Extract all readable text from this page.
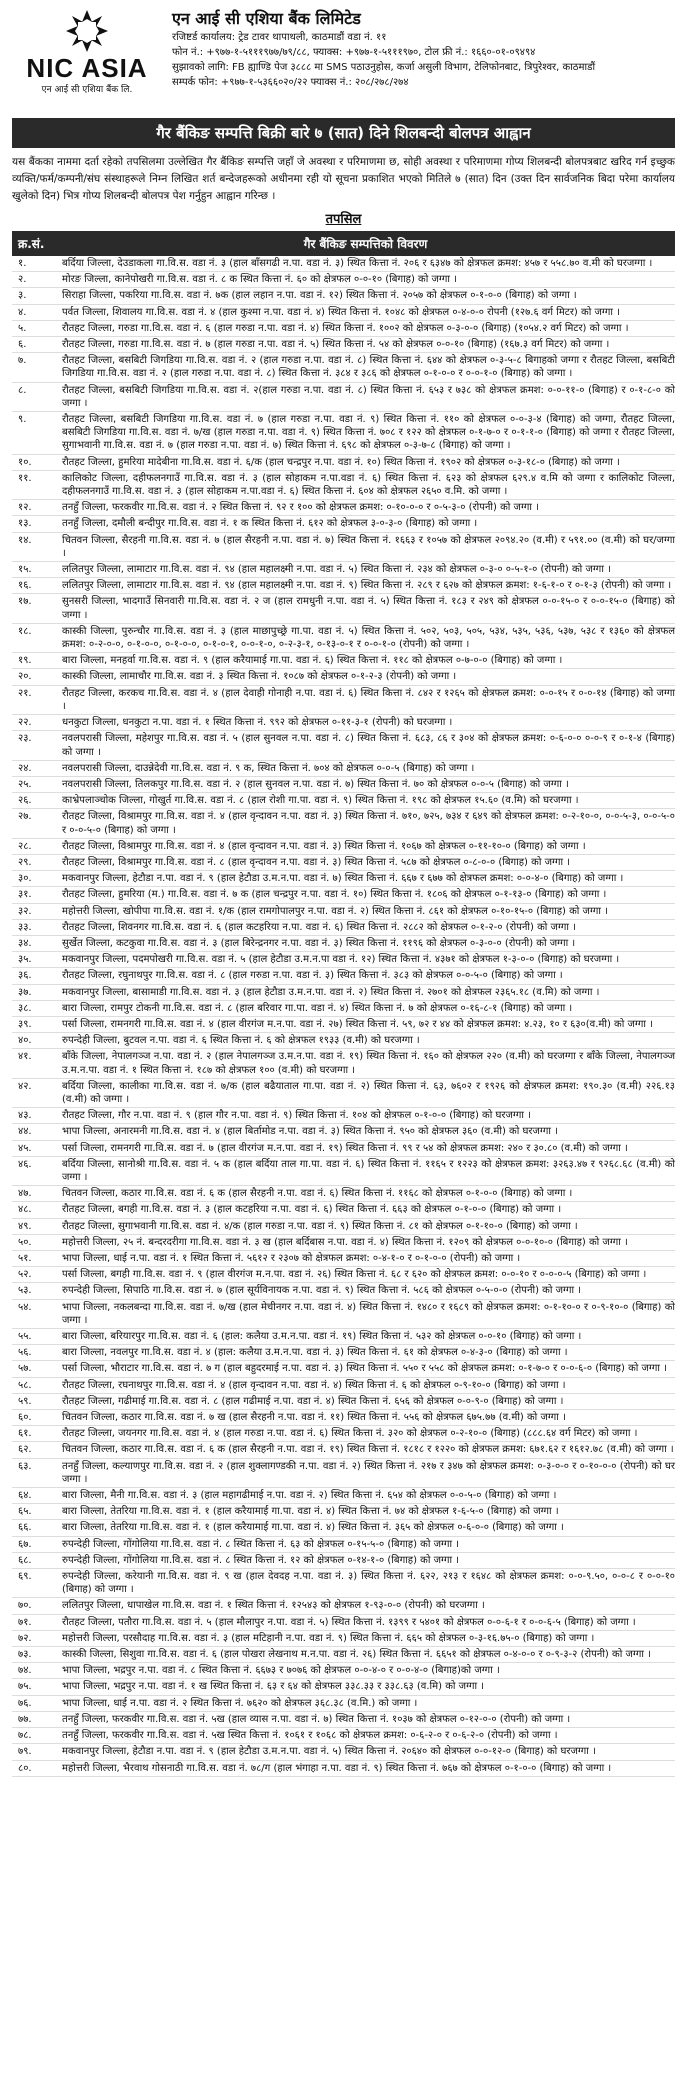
NIC ASIA
एन आई सी एशिया बैंक लि.
एन आई सी एशिया बैंक लिमिटेड
रजिष्टर्ड कार्यालय: ट्रेड टावर थापाथली, काठमाडौं वडा नं. ११
फोन नं.: +९७७-१-५१११९७७/७९/८८, फ्याक्स: +९७७-१-५१११९७०, टोल फ्री नं.: १६६०-०१-०९४९४
सुझावको लागि: FB ह्याण्डि पेज ३८८८ मा SMS पठाउनुहोस, कर्जा असुली विभाग, टेलिफोनबाट, त्रिपुरेश्वर, काठमाडौं
सम्पर्क फोन: +९७७-१-५३६६०२०/२२ फ्याक्स नं.: २०८/२७८/२७४
गैर बैंकिङ सम्पत्ति बिक्री बारे ७ (सात) दिने शिलबन्दी बोलपत्र आह्वान
यस बैंकका नाममा दर्ता रहेको तपसिलमा उल्लेखित गैर बैंकिङ सम्पत्ति जहाँ जे अवस्था र परिमाणमा छ, सोही अवस्था र परिमाणमा गोप्य शिलबन्दी बोलपत्रबाट खरिद गर्न इच्छुक व्यक्ति/फर्म/कम्पनी/संघ संस्थाहरूले निम्न लिखित शर्त बन्देजहरूको अधीनमा रही यो सूचना प्रकाशित भएको मितिले ७ (सात) दिन (उक्त दिन सार्वजनिक बिदा परेमा कार्यालय खुलेको दिन) भित्र गोप्य शिलबन्दी बोलपत्र पेश गर्नुहुन आह्वान गरिन्छ ।
तपसिल
क्र.सं.	गैर बैंकिङ सम्पत्तिको विवरण
१.	बर्दिया जिल्ला, देउडाकला गा.वि.स. वडा नं. ३ (हाल बाँसगढी न.पा. वडा नं. ३) स्थित कित्ता नं. २०६ र ६३४७ को क्षेत्रफल क्रमश: ४५७ र ५५८.७० व.मी को घरजग्गा ।
२.	मोरङ जिल्ला, कानेपोखरी गा.वि.स. वडा नं. ८ क स्थित कित्ता नं. ६० को क्षेत्रफल ०-०-१० (बिगाह) को जग्गा ।
३.	सिराहा जिल्ला, पकरिया गा.वि.स. वडा नं. ७क (हाल लहान न.पा. वडा नं. १२) स्थित कित्ता नं. २०५७ को क्षेत्रफल ०-१-०-० (बिगाह) को जग्गा ।
४.	पर्वत जिल्ला, शिवालय गा.वि.स. वडा नं. ४ (हाल कुश्मा न.पा. वडा नं. ४) स्थित कित्ता नं. १०४८ को क्षेत्रफल ०-४-०-० रोपनी (१२७.६ वर्ग मिटर) को जग्गा ।
५.	रौतहट जिल्ला, गरुडा गा.वि.स. वडा नं. ६ (हाल गरुडा न.पा. वडा नं. ४) स्थित कित्ता नं. १००२ को क्षेत्रफल ०-३-०-० (बिगाह) (१०५४.२ वर्ग मिटर) को जग्गा ।
६.	रौतहट जिल्ला, गरुडा गा.वि.स. वडा नं. ७ (हाल गरुडा न.पा. वडा नं. ५) स्थित कित्ता नं. ५४ को क्षेत्रफल ०-०-१० (बिगाह) (१६७.३ वर्ग मिटर) को जग्गा ।
७.	रौतहट जिल्ला, बसबिटी जिगडिया गा.वि.स. वडा नं. २ (हाल गरुडा न.पा. वडा नं. ८) स्थित कित्ता नं. ६४४ को क्षेत्रफल ०-३-५-८ बिगाहको जग्गा र रौतहट जिल्ला, बसबिटी जिगडिया गा.वि.स. वडा नं. २ (हाल गरुडा न.पा. वडा नं. ८) स्थित कित्ता नं. ३८४ र ३८६ को क्षेत्रफल ०-१-०-० र ०-०-१-० (बिगाह) को जग्गा ।
८.	रौतहट जिल्ला, बसबिटी जिगडिया गा.वि.स. वडा नं. २(हाल गरुडा न.पा. वडा नं. ८) स्थित कित्ता नं. ६५३ र ७३८ को क्षेत्रफल क्रमश: ०-०-११-० (बिगाह) र ०-१-८-० को जग्गा ।
९.	रौतहट जिल्ला, बसबिटी जिगडिया गा.वि.स. वडा नं. ७ (हाल गरुडा न.पा. वडा नं. ९) स्थित कित्ता नं. ११० को क्षेत्रफल ०-०-३-४ (बिगाह) को जग्गा, रौतहट जिल्ला, बसबिटी जिगडिया गा.वि.स. वडा नं. ७/ख (हाल गरुडा न.पा. वडा नं. ९) स्थित कित्ता नं. ७०८ र १२२ को क्षेत्रफल ०-१-७-० र ०-१-१-० (बिगाह) को जग्गा र रौतहट जिल्ला, सुगाभवानी गा.वि.स. वडा नं. ७ (हाल गरुडा न.पा. वडा नं. ७) स्थित कित्ता नं. ६९८ को क्षेत्रफल ०-३-७-८ (बिगाह) को जग्गा ।
१०.	रौतहट जिल्ला, हुमरिया मादेबीना गा.वि.स. वडा नं. ६/क (हाल चन्द्रपुर न.पा. वडा नं. १०) स्थित कित्ता नं. १९०२ को क्षेत्रफल ०-३-१८-० (बिगाह) को जग्गा ।
११.	कालिकोट जिल्ला, दहीफलनगाउँ गा.वि.स. वडा नं. ३ (हाल सोहाकम न.पा.वडा नं. ६) स्थित कित्ता नं. ६२३ को क्षेत्रफल ६२९.४ व.मि को जग्गा र कालिकोट जिल्ला, दहीफलनगाउँ गा.वि.स. वडा नं. ३ (हाल सोहाकम न.पा.वडा नं. ६) स्थित कित्ता नं. ६०४ को क्षेत्रफल २६५० व.मि. को जग्गा ।
१२.	तनहुँ जिल्ला, फरकवीर गा.वि.स. वडा नं. २ स्थित कित्ता नं. ९२ र १०० को क्षेत्रफल क्रमश: ०-१०-०-० र ०-५-३-० (रोपनी) को जग्गा ।
१३.	तनहुँ जिल्ला, दमौली बन्दीपुर गा.वि.स. वडा नं. १ क स्थित कित्ता नं. ६१२ को क्षेत्रफल ३-०-३-० (बिगाह) को जग्गा ।
१४.	चितवन जिल्ला, सैरहनी गा.वि.स. वडा नं. ७ (हाल सैरहनी न.पा. वडा नं. ७) स्थित कित्ता नं. १६६३ र १०५७ को क्षेत्रफल २०९४.२० (व.मी) र ५९१.०० (व.मी) को घर/जग्गा ।
१५.	ललितपुर जिल्ला, लामाटार गा.वि.स. वडा नं. ९४ (हाल महालक्ष्मी न.पा. वडा नं. ५) स्थित कित्ता नं. २३४ को क्षेत्रफल ०-३-० ०-५-१-० (रोपनी) को जग्गा ।
१६.	ललितपुर जिल्ला, लामाटार गा.वि.स. वडा नं. ९४ (हाल महालक्ष्मी न.पा. वडा नं. ९) स्थित कित्ता नं. २८९ र ६२७ को क्षेत्रफल क्रमश: १-६-१-० र ०-१-३ (रोपनी) को जग्गा ।
१७.	सुनसरी जिल्ला, भादगाउँ सिनवारी गा.वि.स. वडा नं. २ ज (हाल रामधुनी न.पा. वडा नं. ५) स्थित कित्ता नं. १८३ र २४९ को क्षेत्रफल ०-०-१५-० र ०-०-१५-० (बिगाह) को जग्गा ।
१८.	कास्की जिल्ला, पुरुन्चौर गा.वि.स. वडा नं. ३ (हाल माछापुच्छ्रे गा.पा. वडा नं. ५) स्थित कित्ता नं. ५०२, ५०३, ५०५, ५३४, ५३५, ५३६, ५३७, ५३८ र १३६० को क्षेत्रफल क्रमश: ०-२-०-०, ०-१-०-०, ०-१-०-०, ०-१-०-१, ०-०-१-०, ०-२-३-१, ०-१३-०-१ र ०-०-१-० (रोपनी) को जग्गा ।
१९.	बारा जिल्ला, मनहर्वा गा.वि.स. वडा नं. ९ (हाल करैयामाई गा.पा. वडा नं. ६) स्थित कित्ता नं. ११८ को क्षेत्रफल ०-७-०-० (बिगाह) को जग्गा ।
२०.	कास्की जिल्ला, लामाचौर गा.वि.स. वडा नं. ३ स्थित कित्ता नं. १०८७ को क्षेत्रफल ०-१-२-३ (रोपनी) को जग्गा ।
२१.	रौतहट जिल्ला, करकच गा.वि.स. वडा नं. ४ (हाल देवाही गोनाही न.पा. वडा नं. ६) स्थित कित्ता नं. ८४२ र १२६५ को क्षेत्रफल क्रमश: ०-०-१५ र ०-०-१४ (बिगाह) को जग्गा ।
२२.	धनकुटा जिल्ला, धनकुटा न.पा. वडा नं. १ स्थित कित्ता नं. ९९२ को क्षेत्रफल ०-११-३-१ (रोपनी) को घरजग्गा ।
२३.	नवलपरासी जिल्ला, महेशपुर गा.वि.स. वडा नं. ५ (हाल सुनवल न.पा. वडा नं. ८) स्थित कित्ता नं. ६८३, ८६ र ३०४ को क्षेत्रफल क्रमश: ०-६-०-० ०-०-९ र ०-१-४ (बिगाह) को जग्गा ।
२४.	नवलपरासी जिल्ला, दाउन्नेदेवी गा.वि.स. वडा नं. ९ क, स्थित कित्ता नं. ७०४ को क्षेत्रफल ०-०-५ (बिगाह) को जग्गा ।
२५.	नवलपरासी जिल्ला, तिलकपुर गा.वि.स. वडा नं. २ (हाल सुनवल न.पा. वडा नं. ७) स्थित कित्ता नं. ७० को क्षेत्रफल ०-०-५ (बिगाह) को जग्गा ।
२६.	काभ्रेपलाञ्चोक जिल्ला, गोखुर्त गा.वि.स. वडा नं. ८ (हाल रोशी गा.पा. वडा नं. ९) स्थित कित्ता नं. १९८ को क्षेत्रफल १५.६० (व.मि) को घरजग्गा ।
२७.	रौतहट जिल्ला, विश्रामपुर गा.वि.स. वडा नं. ४ (हाल वृन्दावन न.पा. वडा नं. ३) स्थित कित्ता नं. ७१०, ७२५, ७३४ र ६४९ को क्षेत्रफल क्रमश: ०-२-१०-०, ०-०-५-३, ०-०-५-० र ०-०-५-० (बिगाह) को जग्गा ।
२८.	रौतहट जिल्ला, विश्रामपुर गा.वि.स. वडा नं. ४ (हाल वृन्दावन न.पा. वडा नं. ३) स्थित कित्ता नं. १०६७ को क्षेत्रफल ०-११-१०-० (बिगाह) को जग्गा ।
२९.	रौतहट जिल्ला, विश्रामपुर गा.वि.स. वडा नं. ८ (हाल वृन्दावन न.पा. वडा नं. ३) स्थित कित्ता नं. ५८७ को क्षेत्रफल ०-८-०-० (बिगाह) को जग्गा ।
३०.	मकवानपुर जिल्ला, हेटौडा न.पा. वडा नं. ९ (हाल हेटौडा उ.म.न.पा. वडा नं. ७) स्थित कित्ता नं. ६६७ र ६७७ को क्षेत्रफल क्रमश: ०-०-४-० (बिगाह) को जग्गा ।
३१.	रौतहट जिल्ला, हुमरिया (म.) गा.वि.स. वडा नं. ७ क (हाल चन्द्रपुर न.पा. वडा नं. १०) स्थित कित्ता नं. १८०६ को क्षेत्रफल ०-१-१३-० (बिगाह) को जग्गा ।
३२.	महोत्तरी जिल्ला, खोपीपा गा.वि.स. वडा नं. १/क (हाल रामगोपालपुर न.पा. वडा नं. २) स्थित कित्ता नं. ८६१ को क्षेत्रफल ०-१०-१५-० (बिगाह) को जग्गा ।
३३.	रौतहट जिल्ला, शिवनगर गा.वि.स. वडा नं. ६ (हाल कटहरिया न.पा. वडा नं. ६) स्थित कित्ता नं. २८८२ को क्षेत्रफल ०-१-२-० (रोपनी) को जग्गा ।
३४.	सुर्खेत जिल्ला, कटकुवा गा.वि.स. वडा नं. ३ (हाल बिरेन्द्रनगर न.पा. वडा नं. ३) स्थित कित्ता नं. ११९६ को क्षेत्रफल ०-३-०-० (रोपनी) को जग्गा ।
३५.	मकवानपुर जिल्ला, पदमपोखरी गा.वि.स. वडा नं. ५ (हाल हेटौडा उ.म.न.पा वडा नं. १२) स्थित कित्ता नं. ४३७१ को क्षेत्रफल १-३-०-० (बिगाह) को घरजग्गा ।
३६.	रौतहट जिल्ला, रघुनाथपुर गा.वि.स. वडा नं. ८ (हाल गरुडा न.पा. वडा नं. ३) स्थित कित्ता नं. ३८३ को क्षेत्रफल ०-०-५-० (बिगाह) को जग्गा ।
३७.	मकवानपुर जिल्ला, बासामाडी गा.वि.स. वडा नं. ३ (हाल हेटौडा उ.म.न.पा. वडा नं. २) स्थित कित्ता नं. २७०१ को क्षेत्रफल २३६५.१८ (व.मि) को जग्गा ।
३८.	बारा जिल्ला, रामपुर टोकनी गा.वि.स. वडा नं. ८ (हाल बरिवार गा.पा. वडा नं. ४) स्थित कित्ता नं. ७ को क्षेत्रफल ०-१६-८-१ (बिगाह) को जग्गा ।
३९.	पर्सा जिल्ला, रामनगरी गा.वि.स. वडा नं. ४ (हाल वीरगंज म.न.पा. वडा नं. २७) स्थित कित्ता नं. ५९, ७२ र ४४ को क्षेत्रफल क्रमश: ४.२३, १० र ६३०(व.मी) को जग्गा ।
४०.	रुपन्देही जिल्ला, बुटवल न.पा. वडा नं. ६ स्थित कित्ता नं. ६ को क्षेत्रफल १९३३ (व.मी) को घरजग्गा ।
४१.	बाँके जिल्ला, नेपालगञ्ज न.पा. वडा नं. २ (हाल नेपालगञ्ज उ.म.न.पा. वडा नं. १९) स्थित कित्ता नं. १६० को क्षेत्रफल २२० (व.मी) को घरजग्गा र बाँके जिल्ला, नेपालगञ्ज उ.म.न.पा. वडा नं. १ स्थित कित्ता नं. १८७ को क्षेत्रफल १०० (व.मी) को घरजग्गा ।
४२.	बर्दिया जिल्ला, कालीका गा.वि.स. वडा नं. ७/क (हाल बढैयाताल गा.पा. वडा नं. २) स्थित कित्ता नं. ६३, ७६०२ र १९२६ को क्षेत्रफल क्रमश: १९०.३० (व.मी) २२६.१३ (व.मी) को जग्गा ।
४३.	रौतहट जिल्ला, गौर न.पा. वडा नं. ९ (हाल गौर न.पा. वडा नं. ९) स्थित कित्ता नं. १०४ को क्षेत्रफल ०-१-०-० (बिगाह) को घरजग्गा ।
४४.	भापा जिल्ला, अनारमनी गा.वि.स. वडा नं. ४ (हाल बिर्तामोड न.पा. वडा नं. ३) स्थित कित्ता नं. ९५० को क्षेत्रफल ३६० (व.मी) को घरजग्गा ।
४५.	पर्सा जिल्ला, रामनगरी गा.वि.स. वडा नं. ७ (हाल वीरगंज म.न.पा. वडा नं. १९) स्थित कित्ता नं. ९९ र ५४ को क्षेत्रफल क्रमश: २४० र ३०.८० (व.मी) को जग्गा ।
४६.	बर्दिया जिल्ला, सानोश्री गा.वि.स. वडा नं. ५ क (हाल बर्दिया ताल गा.पा. वडा नं. ६) स्थित कित्ता नं. ११६५ र १२२३ को क्षेत्रफल क्रमश: ३२६३.४७ र ९२६८.६८ (व.मी) को जग्गा ।
४७.	चितवन जिल्ला, कठार गा.वि.स. वडा नं. ६ क (हाल सैरहनी न.पा. वडा नं. ६) स्थित कित्ता नं. ११६८ को क्षेत्रफल ०-१-०-० (बिगाह) को जग्गा ।
४८.	रौतहट जिल्ला, बगही गा.वि.स. वडा नं. ३ (हाल कटहरिया न.पा. वडा नं. ६) स्थित कित्ता नं. ६६३ को क्षेत्रफल ०-१-०-० (बिगाह) को जग्गा ।
४९.	रौतहट जिल्ला, सुगाभवानी गा.वि.स. वडा नं. ४/क (हाल गरुडा न.पा. वडा नं. ९) स्थित कित्ता नं. ८१ को क्षेत्रफल ०-१-१०-० (बिगाह) को जग्गा ।
५०.	महोत्तरी जिल्ला, २५ नं. बन्दरदरीगा गा.वि.स. वडा नं. ३ ख (हाल बर्दिबास न.पा. वडा नं. ४) स्थित कित्ता नं. १२०९ को क्षेत्रफल ०-०-१०-० (बिगाह) को जग्गा ।
५१.	भापा जिल्ला, धाई न.पा. वडा नं. १ स्थित कित्ता नं. ५६१२ र २३०७ को क्षेत्रफल क्रमश: ०-४-१-० र ०-१-०-० (रोपनी) को जग्गा ।
५२.	पर्सा जिल्ला, बगही गा.वि.स. वडा नं. ९ (हाल वीरगंज म.न.पा. वडा नं. २६) स्थित कित्ता नं. ६८ र ६२० को क्षेत्रफल क्रमश: ०-०-१० र ०-०-०-५ (बिगाह) को जग्गा ।
५३.	रुपन्देही जिल्ला, सिपाठि गा.वि.स. वडा नं. ७ (हाल सूर्यविनायक न.पा. वडा नं. ९) स्थित कित्ता नं. ५८६ को क्षेत्रफल ०-५-०-० (रोपनी) को जग्गा ।
५४.	भापा जिल्ला, नकलबन्दा गा.वि.स. वडा नं. ७/ख (हाल मेचीनगर न.पा. वडा नं. ४) स्थित कित्ता नं. १४८० र १६८९ को क्षेत्रफल क्रमश: ०-१-१०-० र ०-९-१०-० (बिगाह) को जग्गा ।
५५.	बारा जिल्ला, बरियारपुर गा.वि.स. वडा नं. ६ (हाल: कलैया उ.म.न.पा. वडा नं. १९) स्थित कित्ता नं. ५३२ को क्षेत्रफल ०-०-१० (बिगाह) को जग्गा ।
५६.	बारा जिल्ला, नवलपुर गा.वि.स. वडा नं. ४ (हाल: कलैया उ.म.न.पा. वडा नं. ३) स्थित कित्ता नं. ६१ को क्षेत्रफल ०-४-३-० (बिगाह) को जग्गा ।
५७.	पर्सा जिल्ला, भौराटार गा.वि.स. वडा नं. ७ ग (हाल बहुदरमाई न.पा. वडा नं. ३) स्थित कित्ता नं. ५५० र ५५८ को क्षेत्रफल क्रमश: ०-१-७-० र ०-०-६-० (बिगाह) को जग्गा ।
५८.	रौतहट जिल्ला, रघनाथपुर गा.वि.स. वडा नं. ४ (हाल वृन्दावन न.पा. वडा नं. ४) स्थित कित्ता नं. ६ को क्षेत्रफल ०-९-१०-० (बिगाह) को जग्गा ।
५९.	रौतहट जिल्ला, गढीमाई गा.वि.स. वडा नं. ८ (हाल गढीमाई न.पा. वडा नं. ४) स्थित कित्ता नं. ६५६ को क्षेत्रफल ०-०-९-० (बिगाह) को जग्गा ।
६०.	चितवन जिल्ला, कठार गा.वि.स. वडा नं. ७ ख (हाल सैरहनी न.पा. वडा नं. ११) स्थित कित्ता नं. ५५६ को क्षेत्रफल ६७५.७७ (व.मी) को जग्गा ।
६१.	रौतहट जिल्ला, जयनगर गा.वि.स. वडा नं. ४ (हाल गरुडा न.पा. वडा नं. ६) स्थित कित्ता नं. ३२० को क्षेत्रफल ०-२-१०-० (बिगाह) (८८८.६४ वर्ग मिटर) को जग्गा ।
६२.	चितवन जिल्ला, कठार गा.वि.स. वडा नं. ६ क (हाल सैरहनी न.पा. वडा नं. १९) स्थित कित्ता नं. १८१८ र १२२० को क्षेत्रफल क्रमश: ६७१.६२ र १६१२.७८ (व.मी) को जग्गा ।
६३.	तनहुँ जिल्ला, कल्याणपुर गा.वि.स. वडा नं. २ (हाल शुक्लागण्डकी न.पा. वडा नं. २) स्थित कित्ता नं. २१७ र ३४७ को क्षेत्रफल क्रमश: ०-३-०-० र ०-१०-०-० (रोपनी) को घर जग्गा ।
६४.	बारा जिल्ला, मैनी गा.वि.स. वडा नं. ३ (हाल महागढीमाई न.पा. वडा नं. २) स्थित कित्ता नं. ६५४ को क्षेत्रफल ०-०-५-० (बिगाह) को जग्गा ।
६५.	बारा जिल्ला, तेतरिया गा.वि.स. वडा नं. १ (हाल करैयामाई गा.पा. वडा नं. ४) स्थित कित्ता नं. ७४ को क्षेत्रफल १-६-५-० (बिगाह) को जग्गा ।
६६.	बारा जिल्ला, तेतरिया गा.वि.स. वडा नं. १ (हाल करैयामाई गा.पा. वडा नं. ४) स्थित कित्ता नं. ३६५ को क्षेत्रफल ०-६-०-० (बिगाह) को जग्गा ।
६७.	रुपन्देही जिल्ला, गोंगोलिया गा.वि.स. वडा नं. ८ स्थित कित्ता नं. ६३ को क्षेत्रफल ०-१५-५-० (बिगाह) को जग्गा ।
६८.	रुपन्देही जिल्ला, गोंगोलिया गा.वि.स. वडा नं. ८ स्थित कित्ता नं. १२ को क्षेत्रफल ०-१४-१-० (बिगाह) को जग्गा ।
६९.	रुपन्देही जिल्ला, करेयानी गा.वि.स. वडा नं. ९ ख (हाल देवदह न.पा. वडा नं. ३) स्थित कित्ता नं. ६२२, २१३ र १६४८ को क्षेत्रफल क्रमश: ०-०-९.५०, ०-०-८ र ०-०-१० (बिगाह) को जग्गा ।
७०.	ललितपुर जिल्ला, धापाखेल गा.वि.स. वडा नं. १ स्थित कित्ता नं. १२५४३ को क्षेत्रफल १-९३-०-० (रोपनी) को घरजग्गा ।
७१.	रौतहट जिल्ला, पतौरा गा.वि.स. वडा नं. ५ (हाल मौलापुर न.पा. वडा नं. ५) स्थित कित्ता नं. १३९९ र ५४०१ को क्षेत्रफल ०-०-६-१ र ०-०-६-५ (बिगाह) को जग्गा ।
७२.	महोत्तरी जिल्ला, परसौदाह गा.वि.स. वडा नं. ३ (हाल मटिहानी न.पा. वडा नं. ९) स्थित कित्ता नं. ६६५ को क्षेत्रफल ०-३-१६.७५-० (बिगाह) को जग्गा ।
७३.	कास्की जिल्ला, सिशुवा गा.वि.स. वडा नं. ६ (हाल पोखरा लेखनाथ म.न.पा. वडा नं. २६) स्थित कित्ता नं. ६६५१ को क्षेत्रफल ०-४-०-० र ०-९-३-२ (रोपनी) को जग्गा ।
७४.	भापा जिल्ला, भद्रपुर न.पा. वडा नं. ८ स्थित कित्ता नं. ६६७३ र ७०७६ को क्षेत्रफल ०-०-४-० र ०-०-४-० (बिगाह)को जग्गा ।
७५.	भापा जिल्ला, भद्रपुर न.पा. वडा नं. १ ख स्थित कित्ता नं. ६३ र ६४ को क्षेत्रफल ३३८.३३ र ३३८.६३ (व.मि) को जग्गा ।
७६.	भापा जिल्ला, धाई न.पा. वडा नं. २ स्थित कित्ता नं. ७६२० को क्षेत्रफल ३६८.३८ (व.मि.) को जग्गा ।
७७.	तनहुँ जिल्ला, फरकवीर गा.वि.स. वडा नं. ५ख (हाल व्यास न.पा. वडा नं. ७) स्थित कित्ता नं. १०३७ को क्षेत्रफल ०-१२-०-० (रोपनी) को जग्गा ।
७८.	तनहुँ जिल्ला, फरकवीर गा.वि.स. वडा नं. ५ख स्थित कित्ता नं. १०६१ र १०६८ को क्षेत्रफल क्रमश: ०-६-२-० र ०-६-२-० (रोपनी) को जग्गा ।
७९.	मकवानपुर जिल्ला, हेटौडा न.पा. वडा नं. ९ (हाल हेटौडा उ.म.न.पा. वडा नं. ५) स्थित कित्ता नं. २०६४० को क्षेत्रफल ०-०-१२-० (बिगाह) को घरजग्गा ।
८०.	महोत्तरी जिल्ला, भैरवाथ गोसनाठी गा.वि.स. वडा नं. ७८/ग (हाल भंगाहा न.पा. वडा नं. ९) स्थित कित्ता नं. ७६७ को क्षेत्रफल ०-१-०-० (बिगाह) को जग्गा ।
